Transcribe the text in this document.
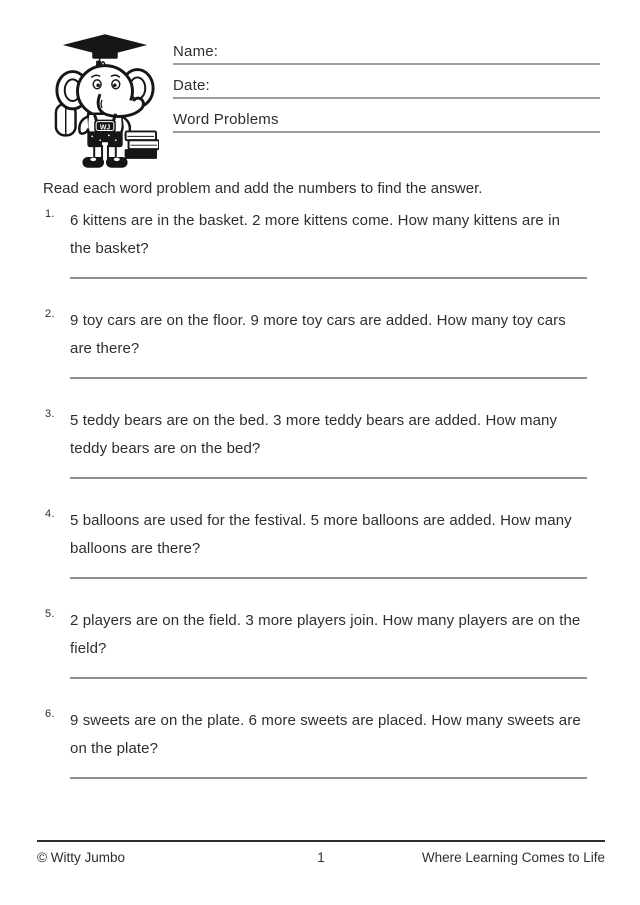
WJ
Name:
Date:
Word Problems
Read each word problem and add the numbers to find the answer.
1. 6 kittens are in the basket. 2 more kittens come. How many kittens are in the basket?

2. 9 toy cars are on the floor. 9 more toy cars are added. How many toy cars are there?

3. 5 teddy bears are on the bed. 3 more teddy bears are added. How many teddy bears are on the bed?

4. 5 balloons are used for the festival. 5 more balloons are added. How many balloons are there?

5. 2 players are on the field. 3 more players join. How many players are on the field?

6. 9 sweets are on the plate. 6 more sweets are placed. How many sweets are on the plate?

© Witty Jumbo	1	Where Learning Comes to Life
